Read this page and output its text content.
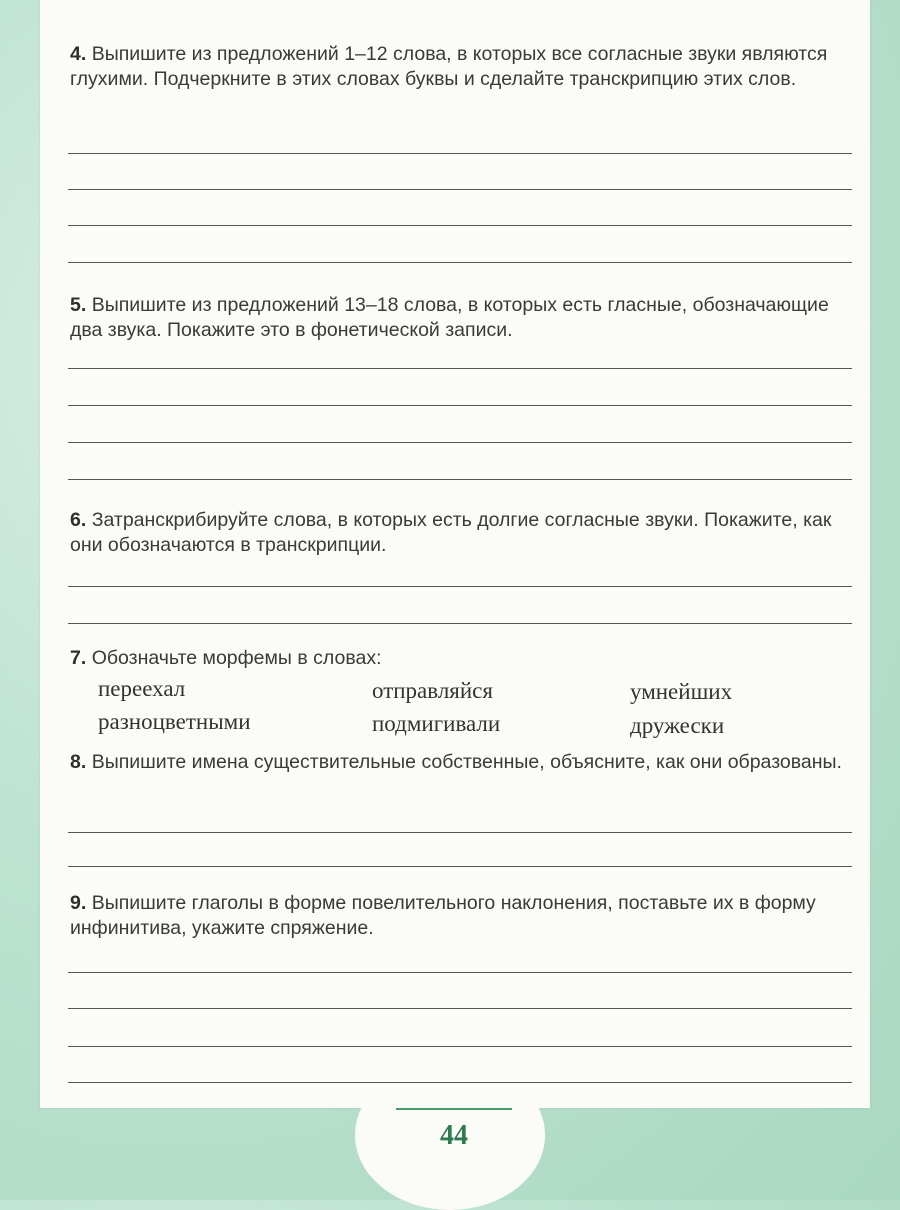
44
4. Выпишите из предложений 1–12 слова, в которых все согласные звуки являются глухими. Подчеркните в этих словах буквы и сделайте транскрипцию этих слов.
5. Выпишите из предложений 13–18 слова, в которых есть гласные, обозначающие два звука. Покажите это в фонетической записи.
6. Затранскрибируйте слова, в которых есть долгие согласные звуки. Покажите, как они обозначаются в транскрипции.
7. Обозначьте морфемы в словах:
переехал	отправляйся	умнейших
разноцветными	подмигивали	дружески
8. Выпишите имена существительные собственные, объясните, как они образованы.
9. Выпишите глаголы в форме повелительного наклонения, поставьте их в форму инфинитива, укажите спряжение.
